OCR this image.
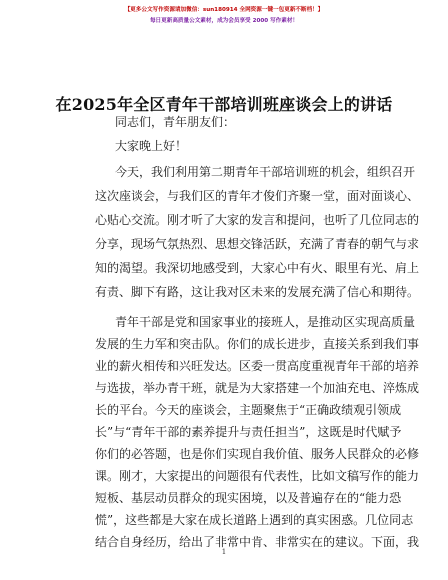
【更多公文写作资源请加微信：sun180914 全网资源一键一包更新不断档！】
每日更新高质量公文素材，成为会员享受 2000 写作素材！
在2025年全区青年干部培训班座谈会上的讲话
同志们，青年朋友们：
大家晚上好！
今天，我们利用第二期青年干部培训班的机会，组织召开
这次座谈会，与我们区的青年才俊们齐聚一堂，面对面谈心、
心贴心交流。刚才听了大家的发言和提问，也听了几位同志的
分享，现场气氛热烈、思想交锋活跃，充满了青春的朝气与求
知的渴望。我深切地感受到，大家心中有火、眼里有光、肩上
有责、脚下有路，这让我对区未来的发展充满了信心和期待。
青年干部是党和国家事业的接班人，是推动区实现高质量
发展的生力军和突击队。你们的成长进步，直接关系到我们事
业的薪火相传和兴旺发达。区委一贯高度重视青年干部的培养
与选拔，举办青干班，就是为大家搭建一个加油充电、淬炼成
长的平台。今天的座谈会，主题聚焦于“正确政绩观引领成
长”与“青年干部的素养提升与责任担当”，这既是时代赋予
你们的必答题，也是你们实现自我价值、服务人民群众的必修
课。刚才，大家提出的问题很有代表性，比如文稿写作的能力
短板、基层动员群众的现实困境，以及普遍存在的“能力恐
慌”，这些都是大家在成长道路上遇到的真实困惑。几位同志
结合自身经历，给出了非常中肯、非常实在的建议。下面，我
1
